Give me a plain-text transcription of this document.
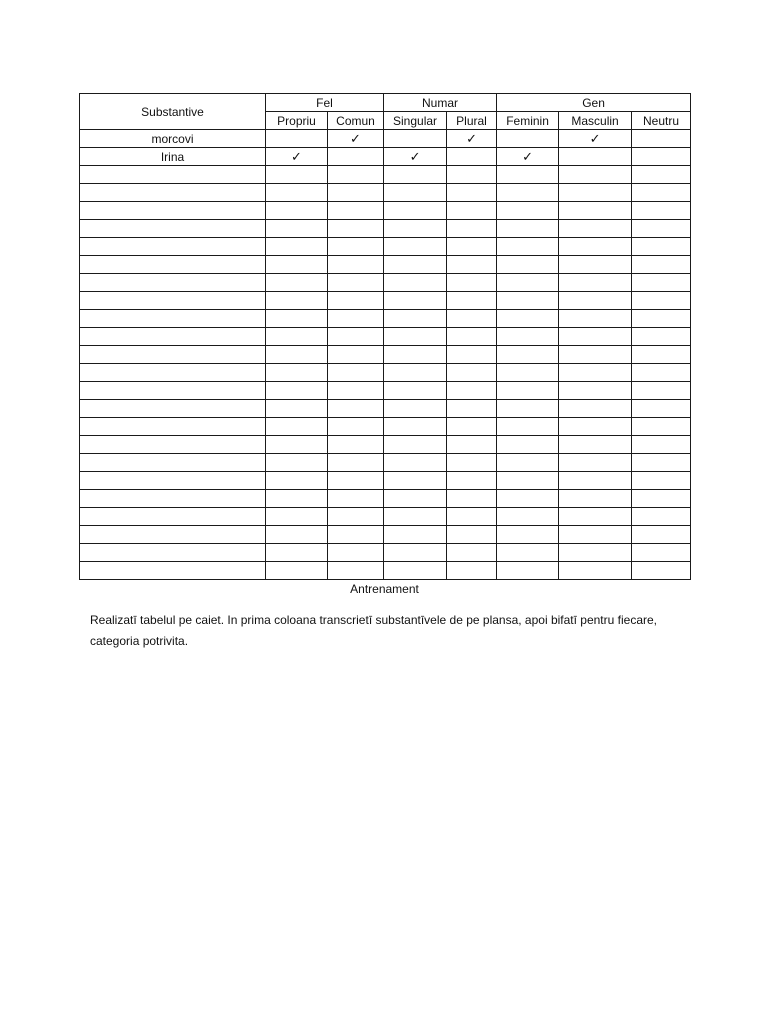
Substantive	Fel		Numar		Gen		
	Propriu	Comun	Singular	Plural	Feminin	Masculin	Neutru
morcovi		✓		✓		✓	
Irina	✓		✓		✓		

Antrenament
Realizatī tabelul pe caiet. In prima coloana transcrietī substantīvele de pe plansa, apoi bifatī pentru fiecare, categoria potrivita.
